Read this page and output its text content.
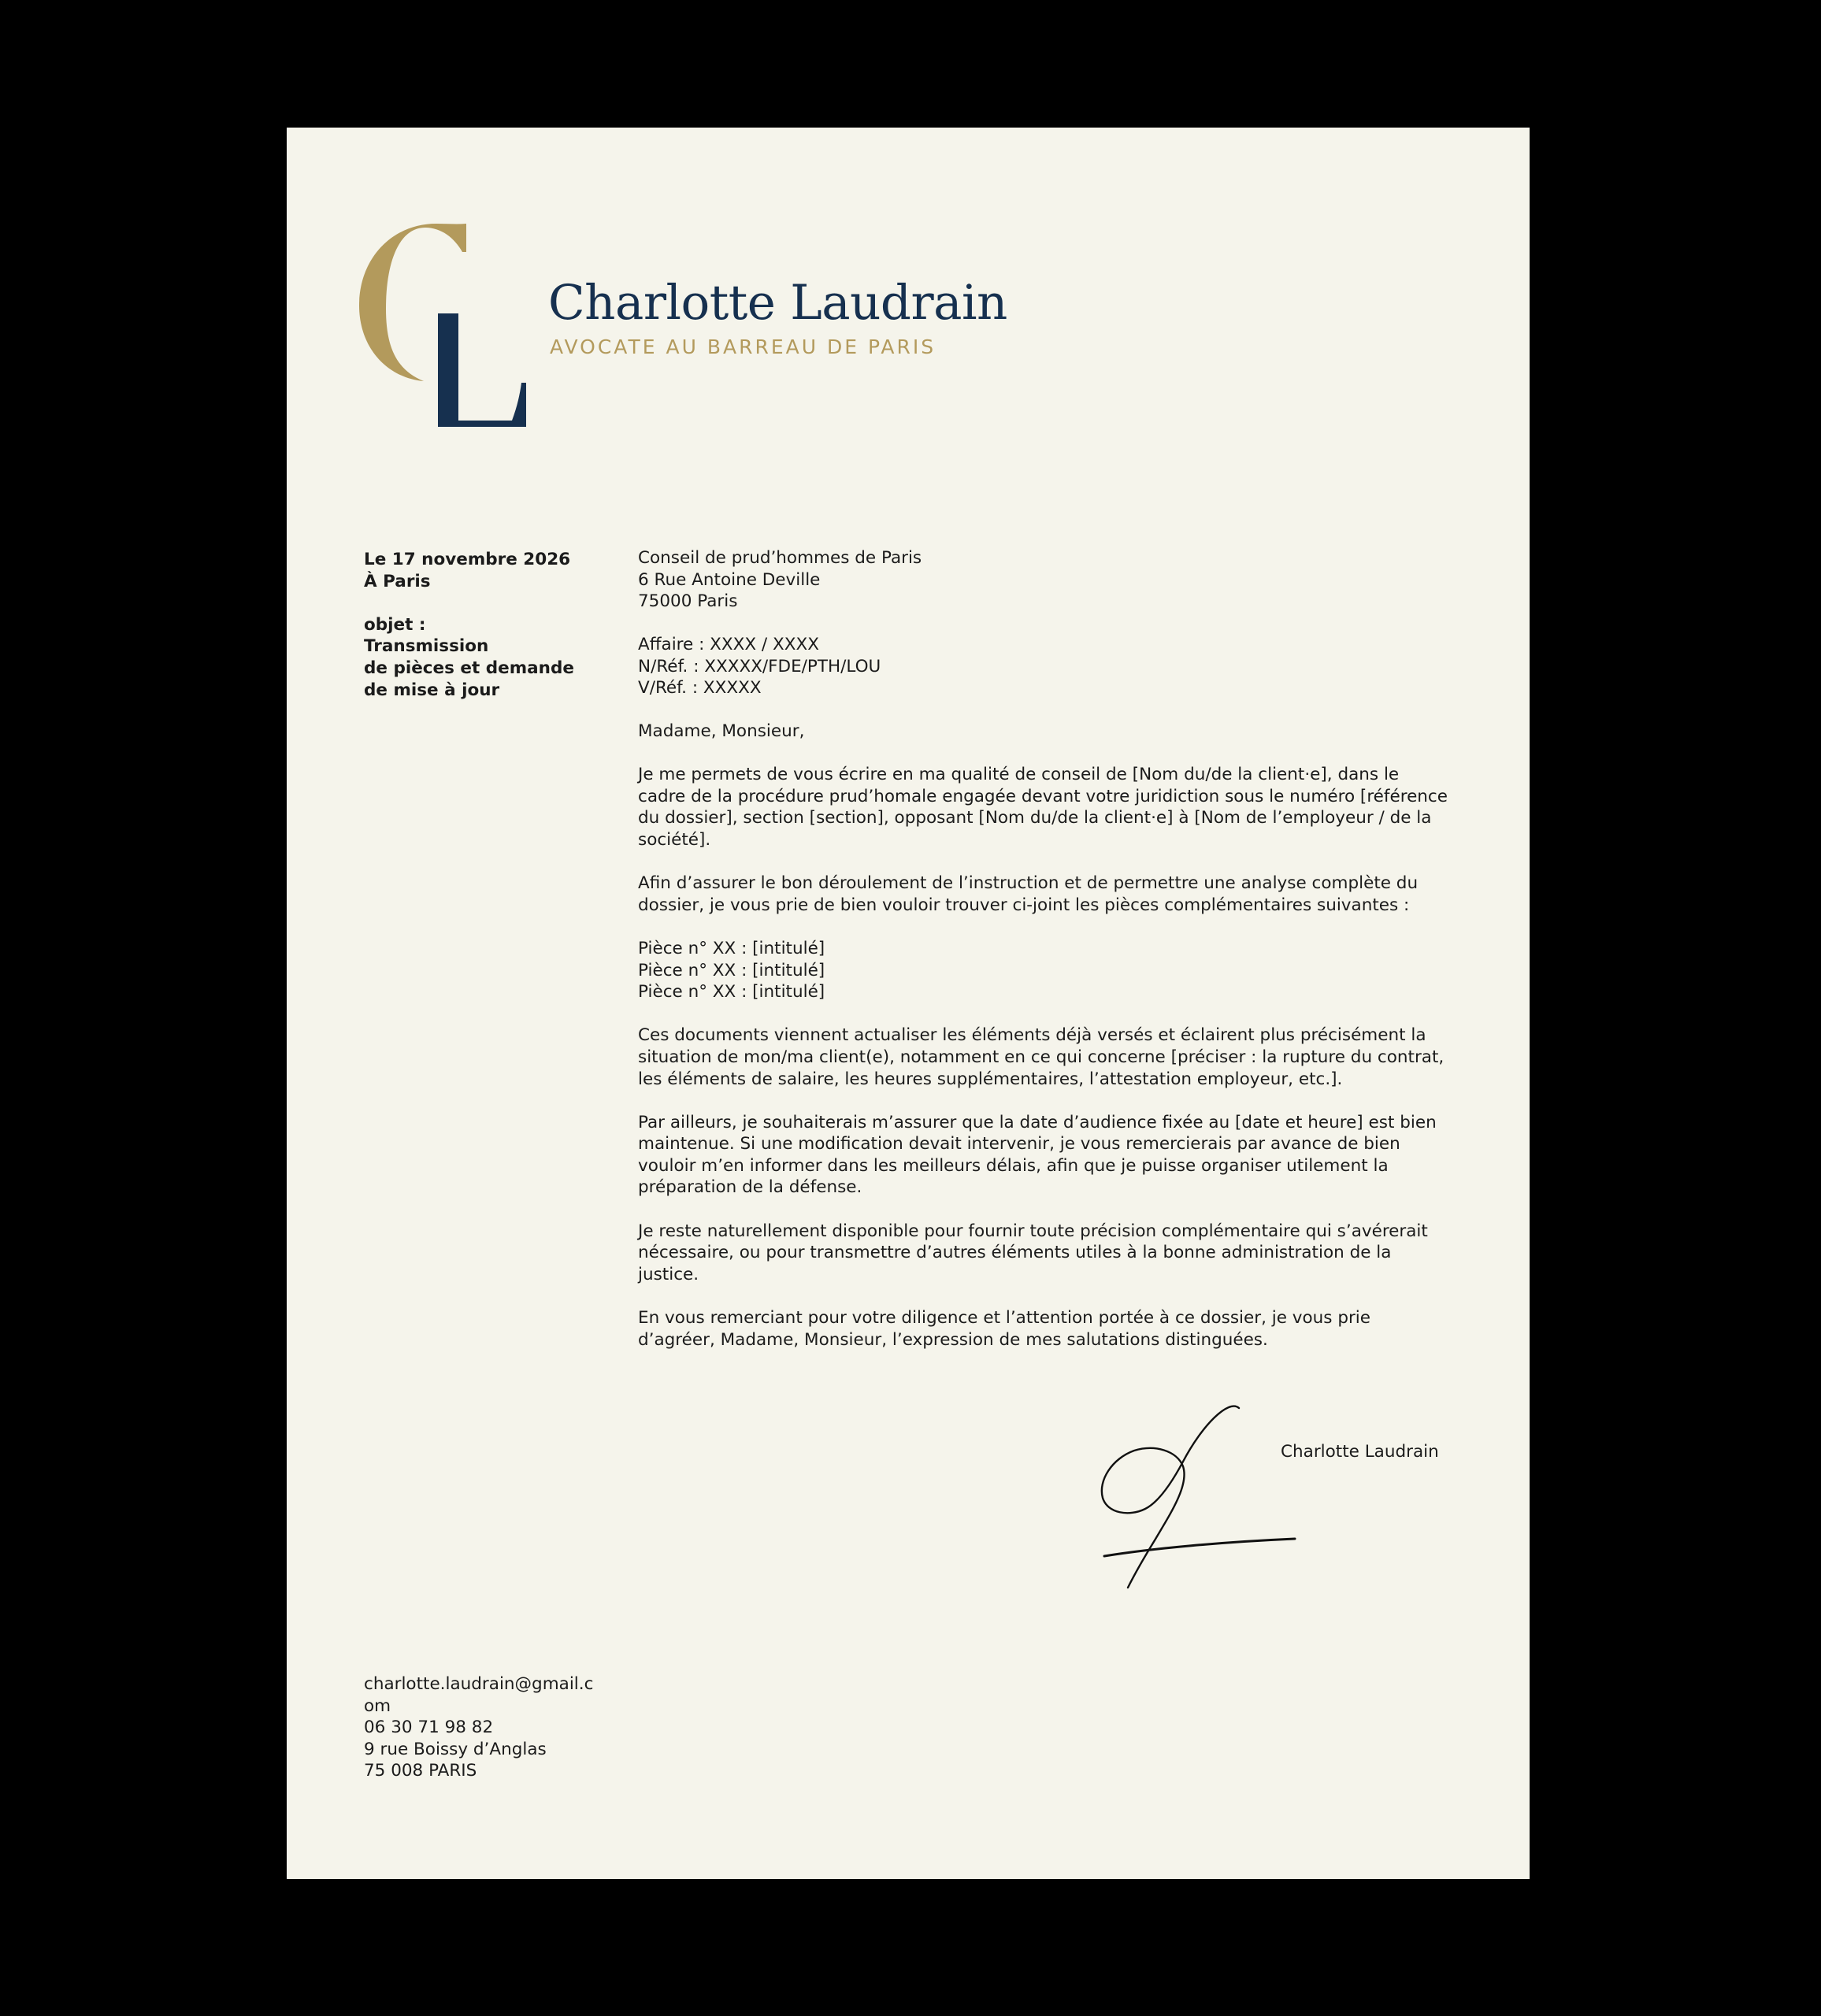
Charlotte Laudrain
AVOCATE AU BARREAU DE PARIS
Le 17 novembre 2026
À Paris
objet :
Transmission
de pièces et demande
de mise à jour
Conseil de prud’hommes de Paris
6 Rue Antoine Deville
75000 Paris
Affaire : XXXX / XXXX
N/Réf. : XXXXX/FDE/PTH/LOU
V/Réf. : XXXXX

Madame, Monsieur,

Je me permets de vous écrire en ma qualité de conseil de [Nom du/de la client·e], dans le cadre de la procédure prud’homale engagée devant votre juridiction sous le numéro [référence du dossier], section [section], opposant [Nom du/de la client·e] à [Nom de l’employeur / de la société].

Afin d’assurer le bon déroulement de l’instruction et de permettre une analyse complète du dossier, je vous prie de bien vouloir trouver ci-joint les pièces complémentaires suivantes :

Pièce n° XX : [intitulé]
Pièce n° XX : [intitulé]
Pièce n° XX : [intitulé]

Ces documents viennent actualiser les éléments déjà versés et éclairent plus précisément la situation de mon/ma client(e), notamment en ce qui concerne [préciser : la rupture du contrat, les éléments de salaire, les heures supplémentaires, l’attestation employeur, etc.].

Par ailleurs, je souhaiterais m’assurer que la date d’audience fixée au [date et heure] est bien maintenue. Si une modification devait intervenir, je vous remercierais par avance de bien vouloir m’en informer dans les meilleurs délais, afin que je puisse organiser utilement la préparation de la défense.

Je reste naturellement disponible pour fournir toute précision complémentaire qui s’avérerait nécessaire, ou pour transmettre d’autres éléments utiles à la bonne administration de la justice.

En vous remerciant pour votre diligence et l’attention portée à ce dossier, je vous prie d’agréer, Madame, Monsieur, l’expression de mes salutations distinguées.

Charlotte Laudrain
charlotte.laudrain@gmail.com
06 30 71 98 82
9 rue Boissy d’Anglas
75 008 PARIS
